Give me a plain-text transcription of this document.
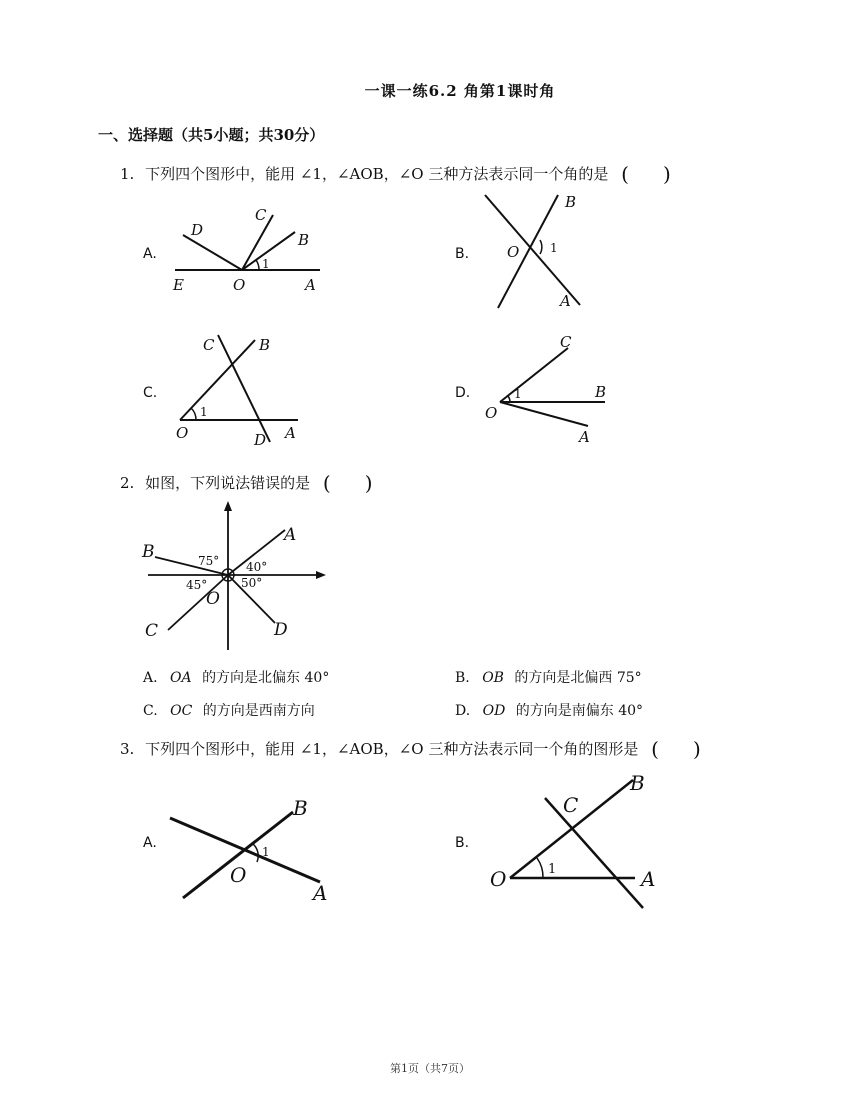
一课一练6.2 角第1课时角
一、选择题（共5小题；共30分）
1. 下列四个图形中，能用 ∠1，∠AOB，∠O 三种方法表示同一个角的是 ( )
A.
D
C
B
E	O	A
1
B.
B
O
A
1
C.
C	B
O	D A
1
D.
C
B
O
A
1
2. 如图，下列说法错误的是 ( )
A
B
C	D
O
75° 40°
45°	50°
A. OA 的方向是北偏东 40°	B. OB 的方向是北偏西 75°
C. OC 的方向是西南方向	D. OD 的方向是南偏东 40°
3. 下列四个图形中，能用 ∠1，∠AOB，∠O 三种方法表示同一个角的图形是 ( )
A.
B
O
A
1
B.
C
B
O	A
1
第1页（共7页）
